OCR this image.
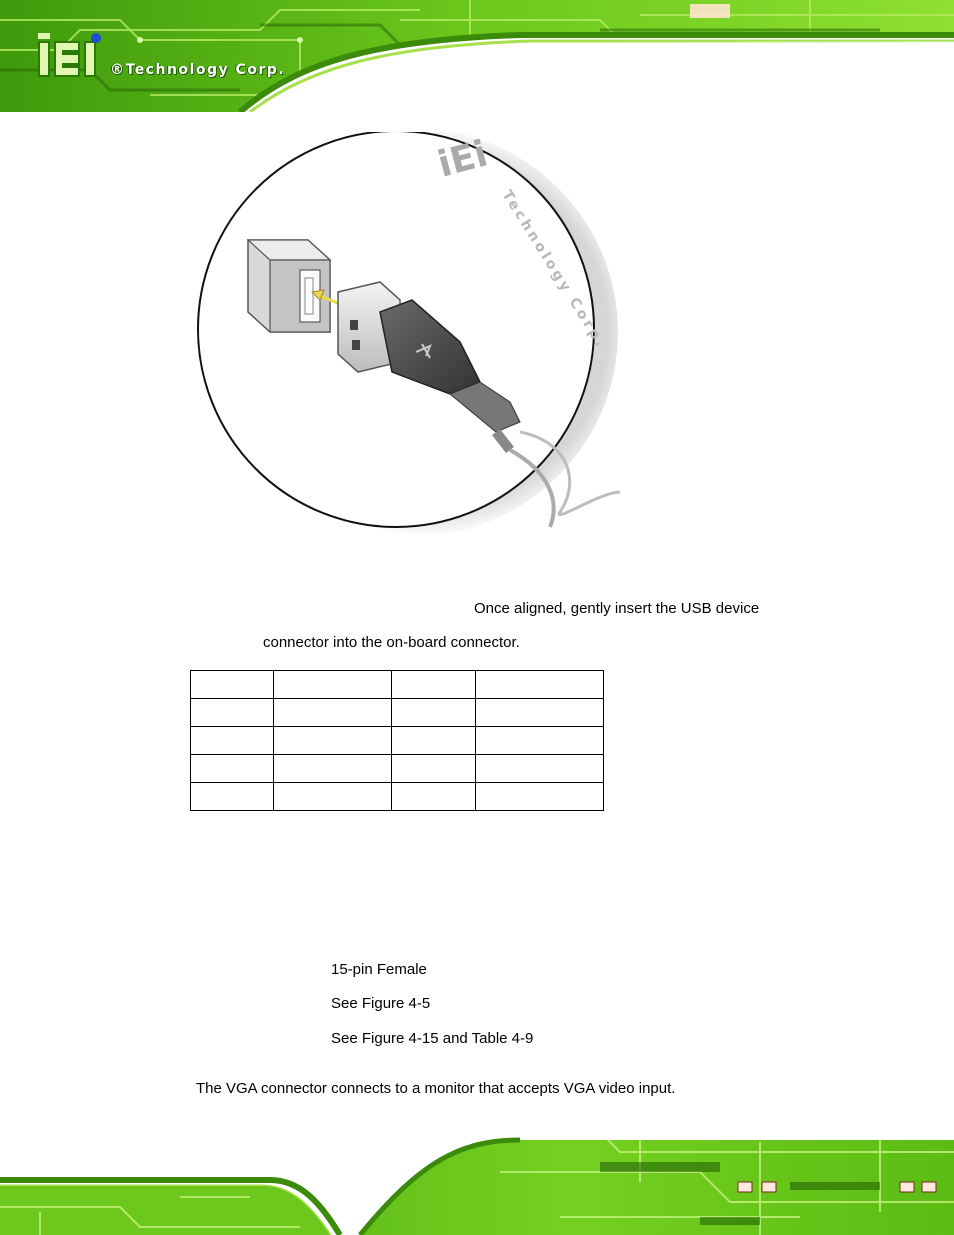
®Technology Corp.
iEi
Technology Corp.
Once aligned, gently insert the USB device
connector into the on-board connector.

15-pin Female
See Figure 4-5
See Figure 4-15 and Table 4-9
The VGA connector connects to a monitor that accepts VGA video input.
